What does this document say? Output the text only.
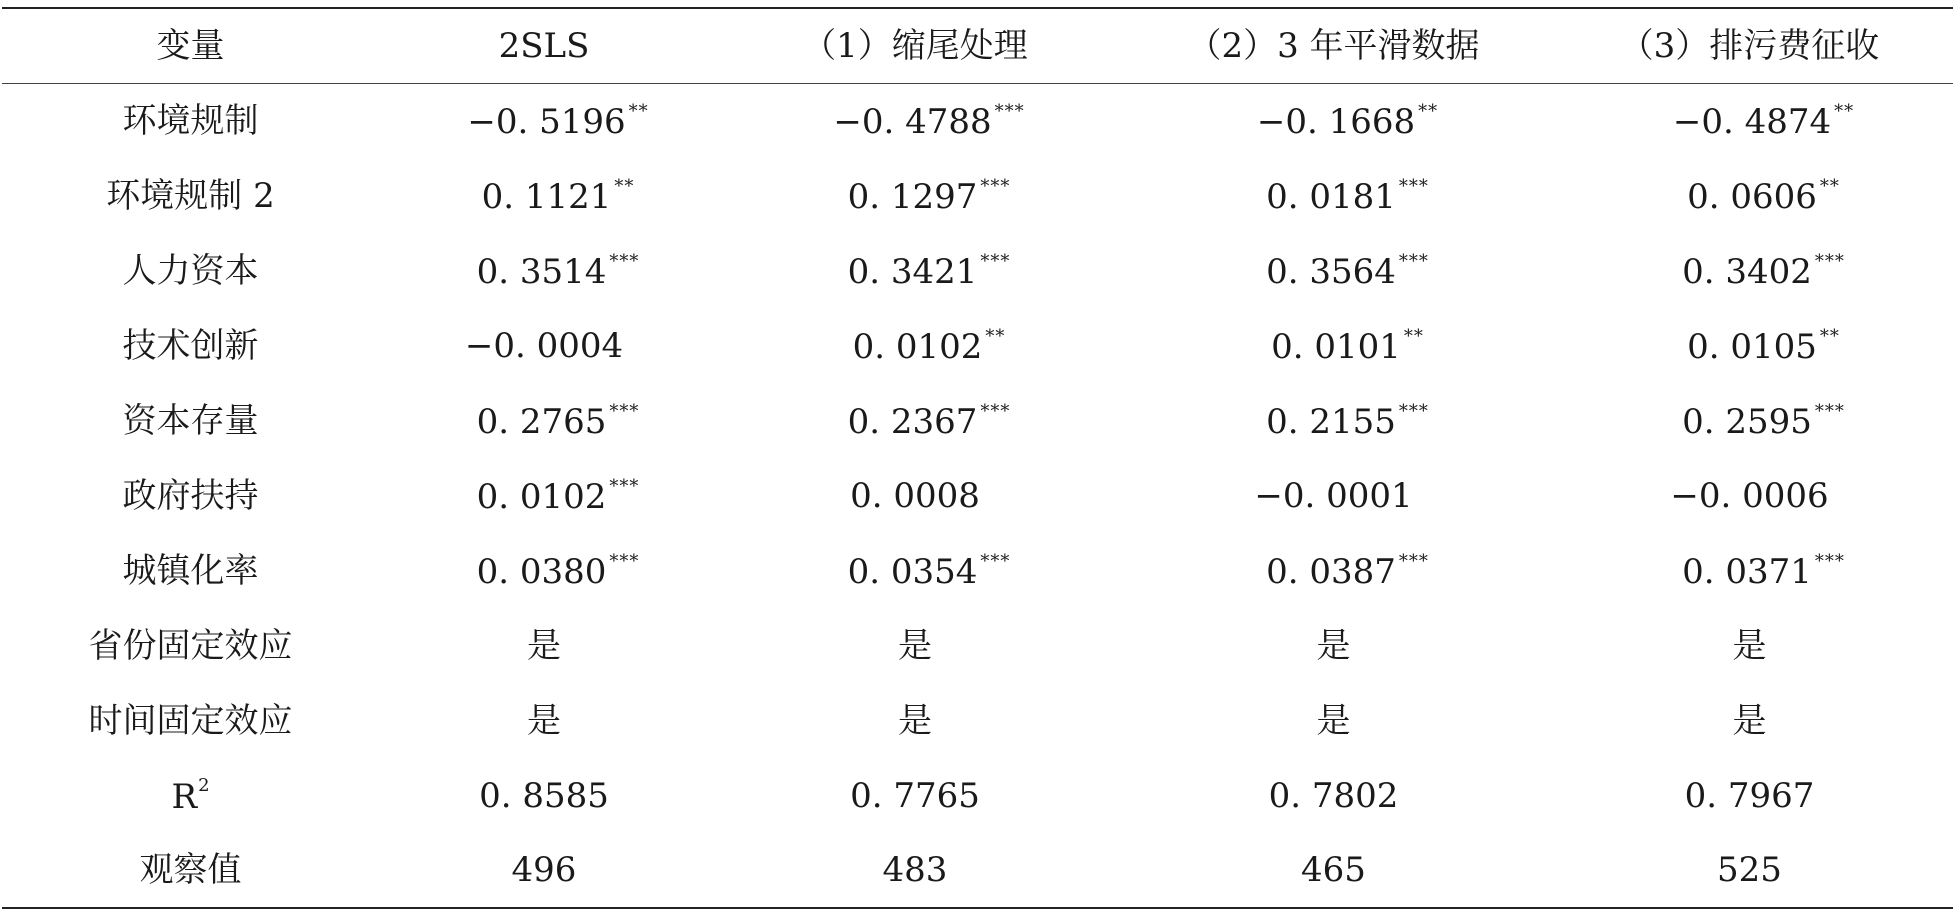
变量	2SLS	（1）缩尾处理	（2）3 年平滑数据	（3）排污费征收
环境规制	−0. 5196 **	−0. 4788 ***	−0. 1668 **	−0. 4874 **
环境规制 2	0. 1121 **	0. 1297 ***	0. 0181 ***	0. 0606 **
人力资本	0. 3514 ***	0. 3421 ***	0. 3564 ***	0. 3402 ***
技术创新	−0. 0004	0. 0102 **	0. 0101 **	0. 0105 **
资本存量	0. 2765 ***	0. 2367 ***	0. 2155 ***	0. 2595 ***
政府扶持	0. 0102 ***	0. 0008	−0. 0001	−0. 0006
城镇化率	0. 0380 ***	0. 0354 ***	0. 0387 ***	0. 0371 ***
省份固定效应	是	是	是	是
时间固定效应	是	是	是	是
$R^2$	0. 8585	0. 7765	0. 7802	0. 7967
观察值	496	483	465	525
